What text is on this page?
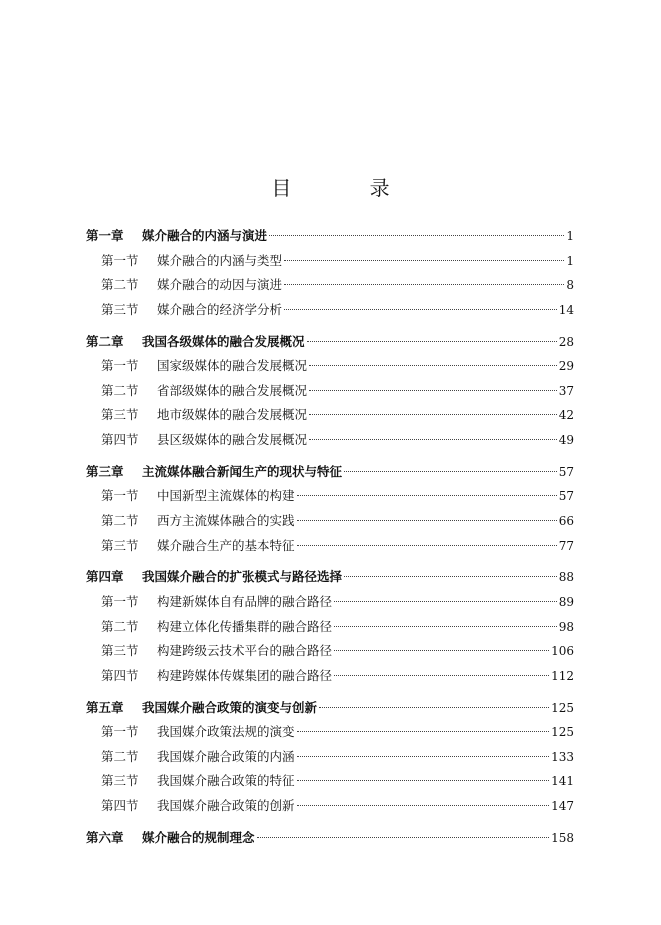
目 录
第一章	媒介融合的内涵与演进	1
第一节	媒介融合的内涵与类型	1
第二节	媒介融合的动因与演进	8
第三节	媒介融合的经济学分析	14
第二章	我国各级媒体的融合发展概况	28
第一节	国家级媒体的融合发展概况	29
第二节	省部级媒体的融合发展概况	37
第三节	地市级媒体的融合发展概况	42
第四节	县区级媒体的融合发展概况	49
第三章	主流媒体融合新闻生产的现状与特征	57
第一节	中国新型主流媒体的构建	57
第二节	西方主流媒体融合的实践	66
第三节	媒介融合生产的基本特征	77
第四章	我国媒介融合的扩张模式与路径选择	88
第一节	构建新媒体自有品牌的融合路径	89
第二节	构建立体化传播集群的融合路径	98
第三节	构建跨级云技术平台的融合路径	106
第四节	构建跨媒体传媒集团的融合路径	112
第五章	我国媒介融合政策的演变与创新	125
第一节	我国媒介政策法规的演变	125
第二节	我国媒介融合政策的内涵	133
第三节	我国媒介融合政策的特征	141
第四节	我国媒介融合政策的创新	147
第六章	媒介融合的规制理念	158
